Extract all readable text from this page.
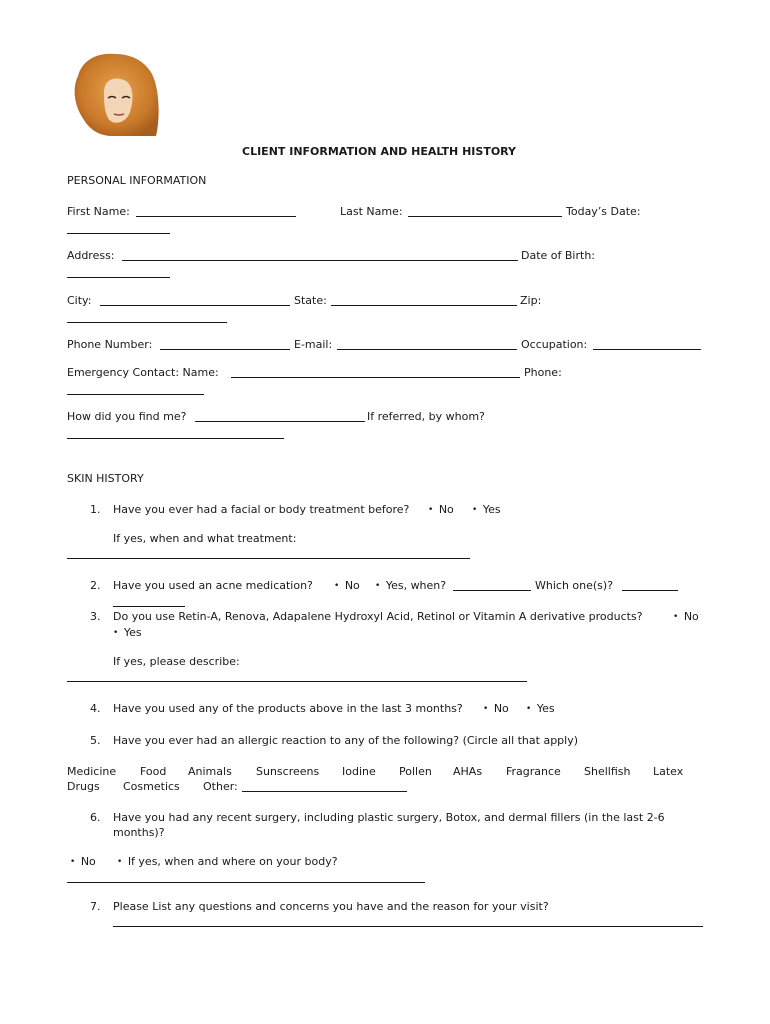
CLIENT INFORMATION AND HEALTH HISTORY
PERSONAL INFORMATION
First Name:	Last Name:	Today’s Date:
Address:	Date of Birth:
City:	State:	Zip:
Phone Number:	E-mail:	Occupation:
Emergency Contact: Name:	Phone:
How did you find me?	If referred, by whom?
SKIN HISTORY
1. Have you ever had a facial or body treatment before? • No • Yes
If yes, when and what treatment:
2. Have you used an acne medication? • No • Yes, when?	Which one(s)?
3. Do you use Retin-A, Renova, Adapalene Hydroxyl Acid, Retinol or Vitamin A derivative products?	• No
• Yes
If yes, please describe:
4. Have you used any of the products above in the last 3 months? • No • Yes
5. Have you ever had an allergic reaction to any of the following? (Circle all that apply)
Medicine Food Animals Sunscreens Iodine Pollen AHAs Fragrance Shellfish Latex
Drugs Cosmetics Other:
6. Have you had any recent surgery, including plastic surgery, Botox, and dermal fillers (in the last 2-6
months)?
• No • If yes, when and where on your body?
7. Please List any questions and concerns you have and the reason for your visit?
